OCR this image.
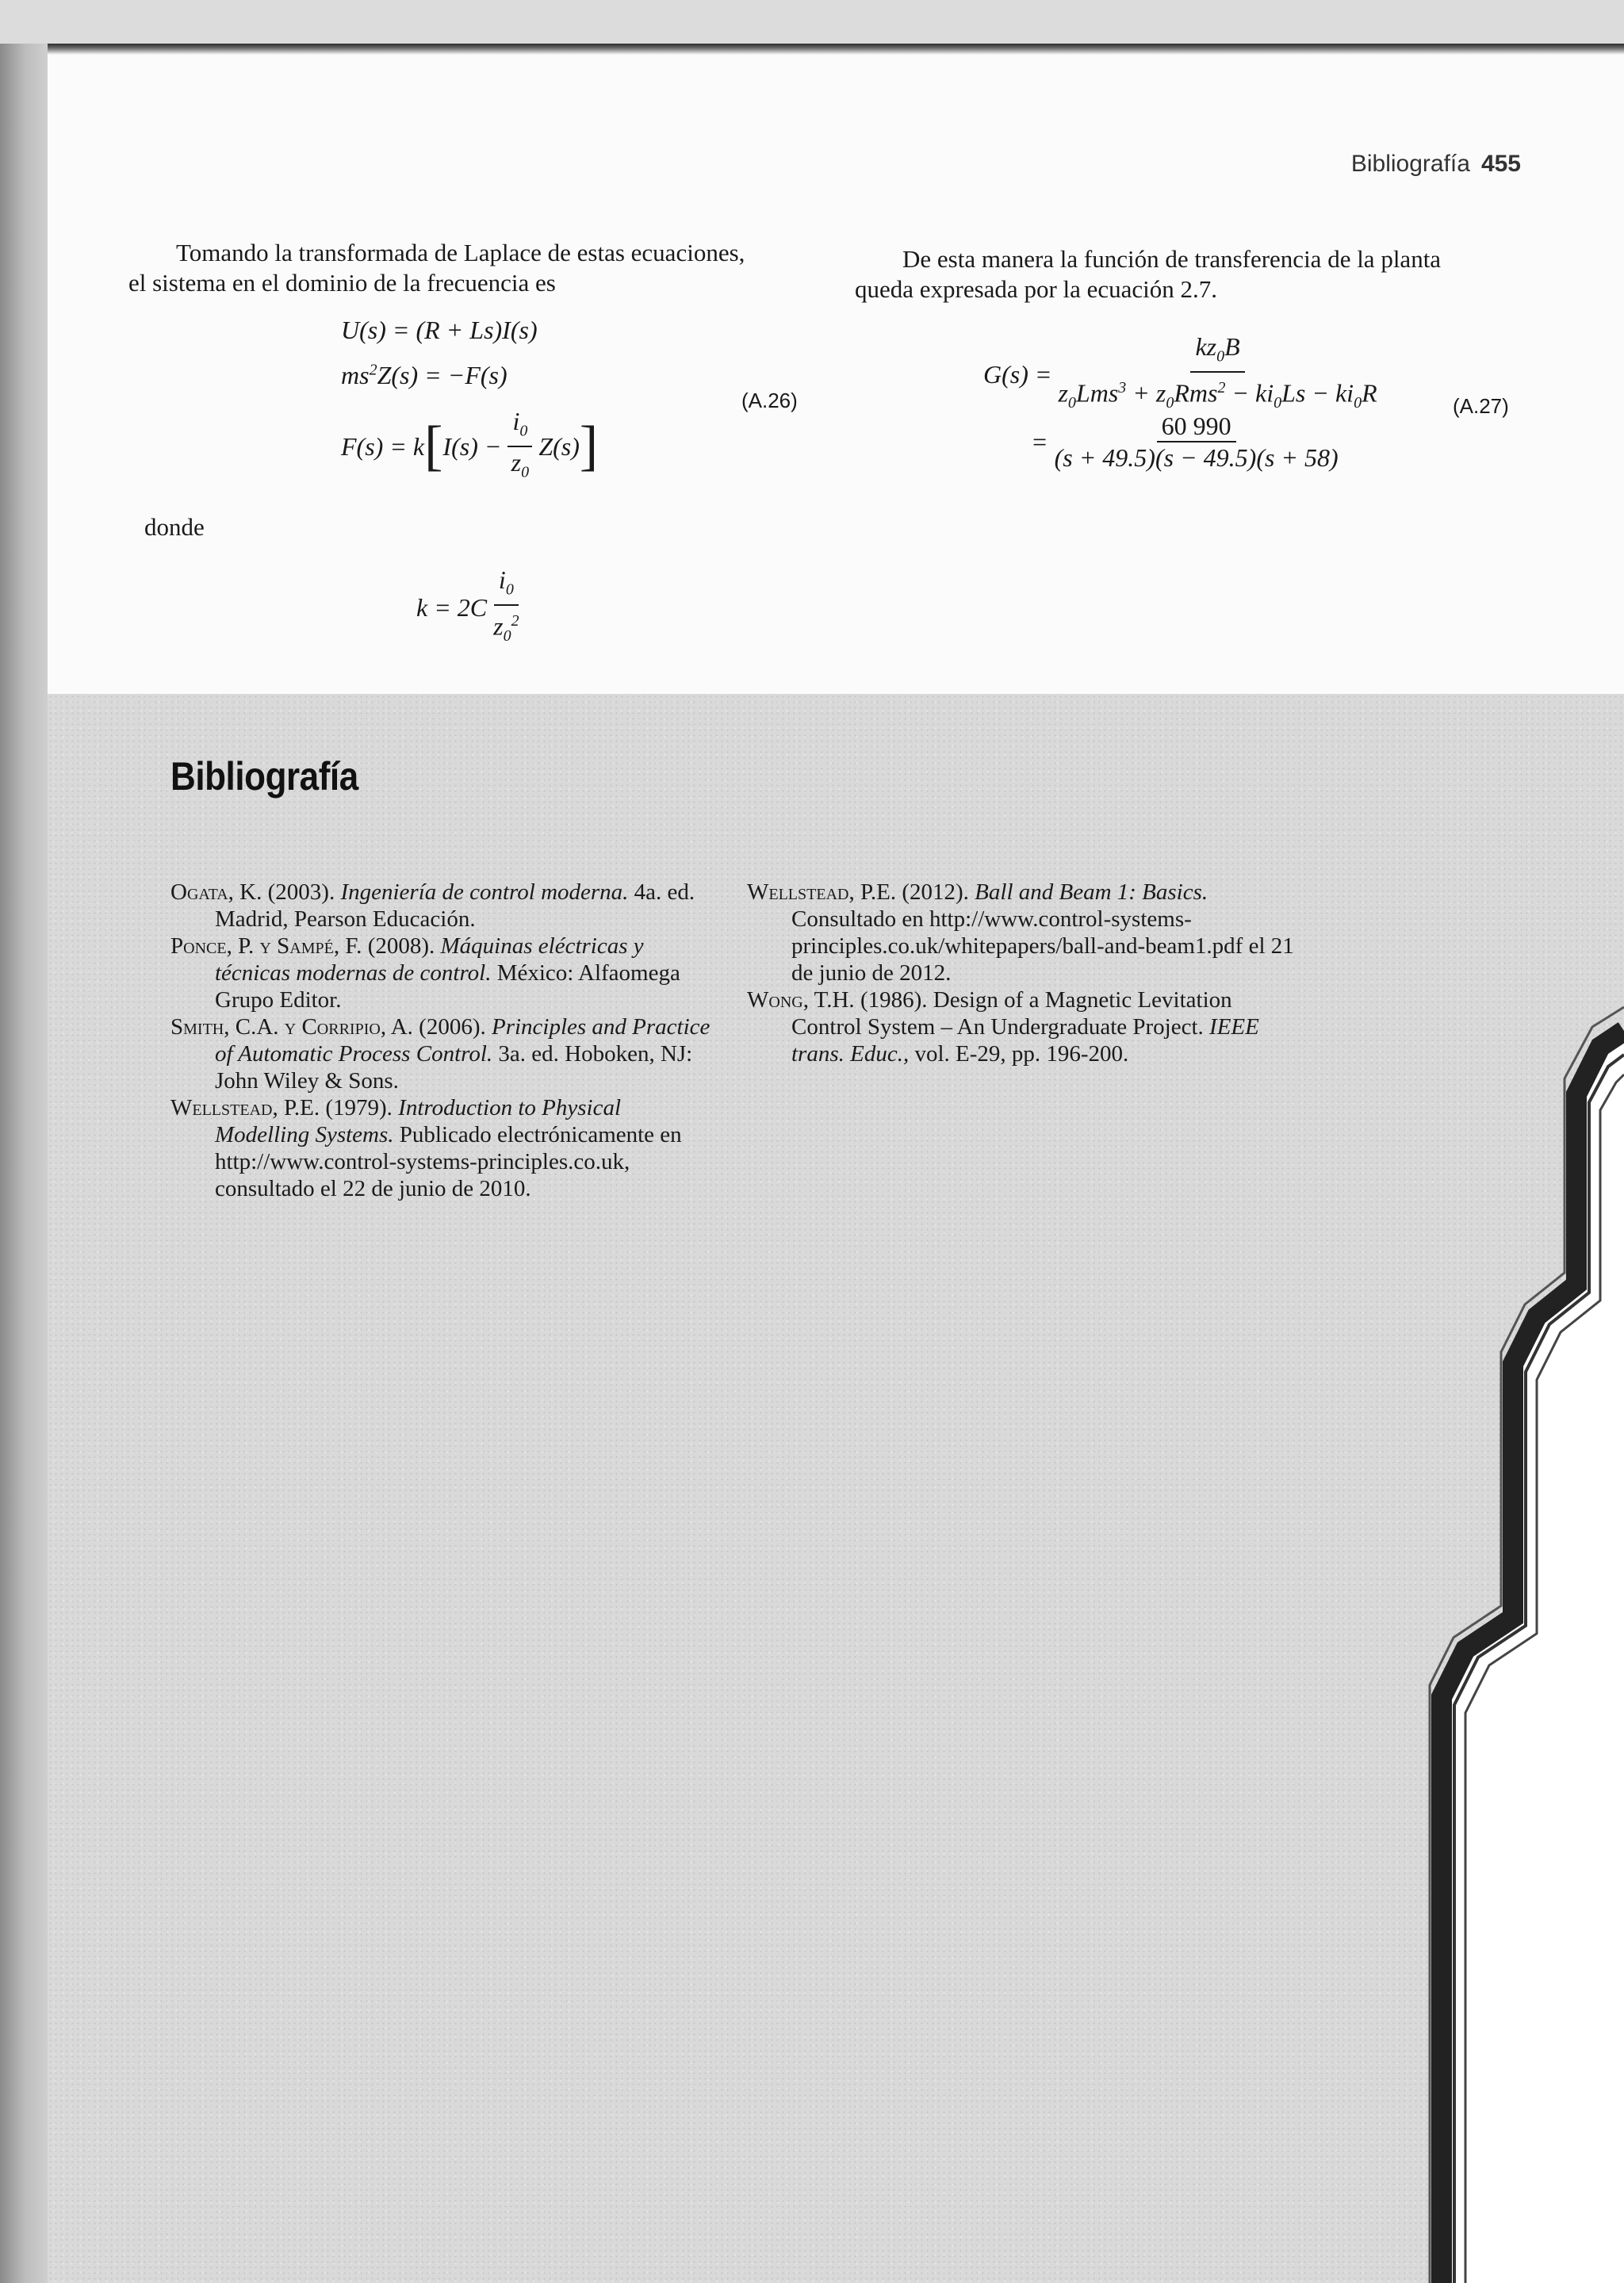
Bibliografía 455
Tomando la transformada de Laplace de estas ecuaciones,
el sistema en el dominio de la frecuencia es
U(s) = (R + Ls)I(s)
$ms^2Z(s) = -F(s)$
F(s) = k [ $I(s) - \frac{i_0}{z_0} Z(s)$ ]
(A.26)
donde
$k = 2C \frac{i_0}{z_0^2}$
De esta manera la función de transferencia de la planta
queda expresada por la ecuación 2.7.
$G(s) = \frac{kz_0B}{z_0Lms^3 + z_0Rms^2 - ki_0Ls - ki_0R}$
= $\frac{60 990}{(s + 49.5)(s - 49.5)(s + 58)}$
(A.27)
Bibliografía

Ogata, K. (2003). Ingeniería de control moderna. 4a. ed. Madrid, Pearson Educación.

Ponce, P. y Sampé, F. (2008). Máquinas eléctricas y técnicas modernas de control. México: Alfaomega Grupo Editor.

Smith, C.A. y Corripio, A. (2006). Principles and Practice of Automatic Process Control. 3a. ed. Hoboken, NJ: John Wiley & Sons.

Wellstead, P.E. (1979). Introduction to Physical Modelling Systems. Publicado electrónicamente en http://www.control-systems-principles.co.uk, consultado el 22 de junio de 2010.

Wellstead, P.E. (2012). Ball and Beam 1: Basics. Consultado en http://www.control-systems-principles.co.uk/whitepapers/ball-and-beam1.pdf el 21 de junio de 2012.

Wong, T.H. (1986). Design of a Magnetic Levitation Control System – An Undergraduate Project. IEEE trans. Educ., vol. E-29, pp. 196-200.
